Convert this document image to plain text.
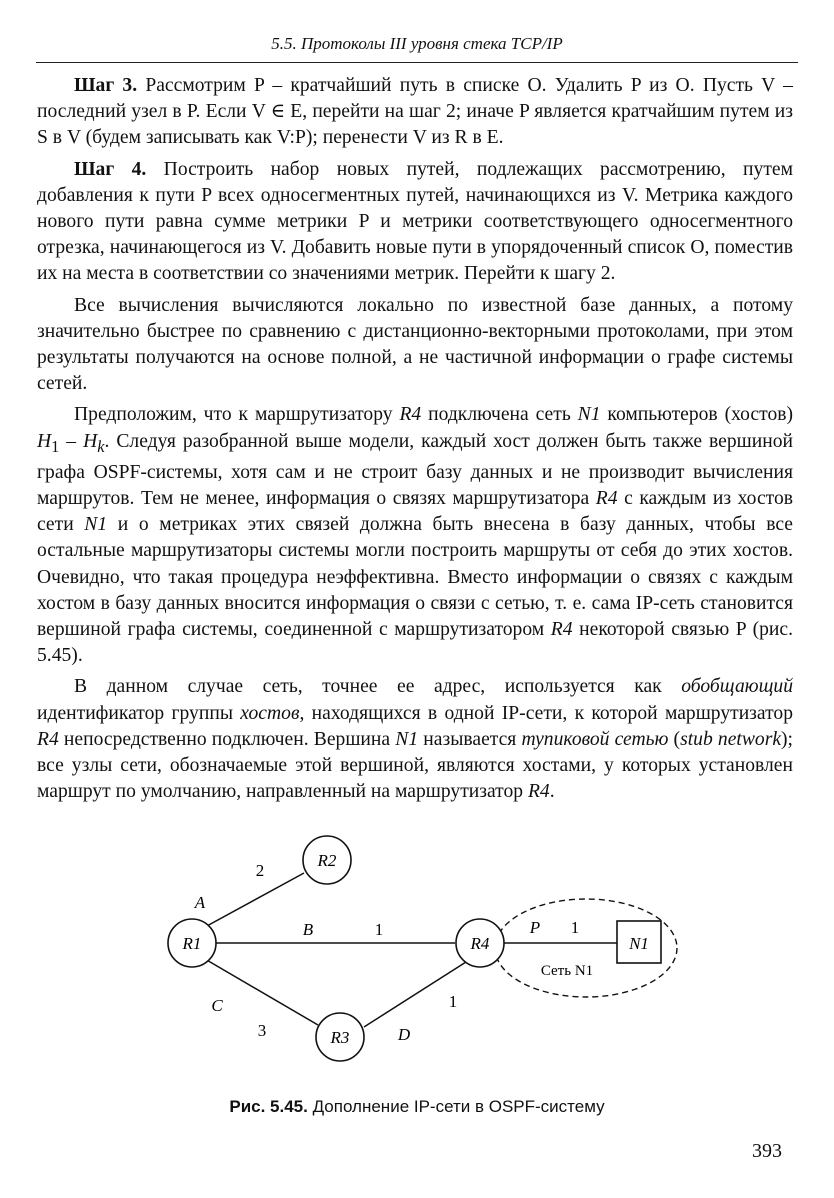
5.5. Протоколы III уровня стека TCP/IP

Шаг 3. Рассмотрим P – кратчайший путь в списке O. Удалить P из O. Пусть V – последний узел в P. Если V ∈ E, перейти на шаг 2; иначе P является кратчайшим путем из S в V (будем записывать как V:P); перенести V из R в E.

Шаг 4. Построить набор новых путей, подлежащих рассмотрению, путем добавления к пути P всех односегментных путей, начинающихся из V. Метрика каждого нового пути равна сумме метрики P и метрики соответствующего односегментного отрезка, начинающегося из V. Добавить новые пути в упорядоченный список O, поместив их на места в соответствии со значениями метрик. Перейти к шагу 2.

Все вычисления вычисляются локально по известной базе данных, а потому значительно быстрее по сравнению с дистанционно-векторными протоколами, при этом результаты получаются на основе полной, а не частичной информации о графе системы сетей.

Предположим, что к маршрутизатору R4 подключена сеть N1 компьютеров (хостов) $H_1 - H_k$. Следуя разобранной выше модели, каждый хост должен быть также вершиной графа OSPF-системы, хотя сам и не строит базу данных и не производит вычисления маршрутов. Тем не менее, информация о связях маршрутизатора R4 с каждым из хостов сети N1 и о метриках этих связей должна быть внесена в базу данных, чтобы все остальные маршрутизаторы системы могли построить маршруты от себя до этих хостов. Очевидно, что такая процедура неэффективна. Вместо информации о связях с каждым хостом в базу данных вносится информация о связи с сетью, т. е. сама IP-сеть становится вершиной графа системы, соединенной с маршрутизатором R4 некоторой связью P (рис. 5.45).

В данном случае сеть, точнее ее адрес, используется как обобщающий идентификатор группы хостов, находящихся в одной IP-сети, к которой маршрутизатор R4 непосредственно подключен. Вершина N1 называется тупиковой сетью (stub network); все узлы сети, обозначаемые этой вершиной, являются хостами, у которых установлен маршрут по умолчанию, направленный на маршрутизатор R4.

R1
R2
R3
R4	N1
A
2
B	1
C
3	D
1
P 1
Сеть N1
Рис. 5.45. Дополнение IP-сети в OSPF-систему
393
